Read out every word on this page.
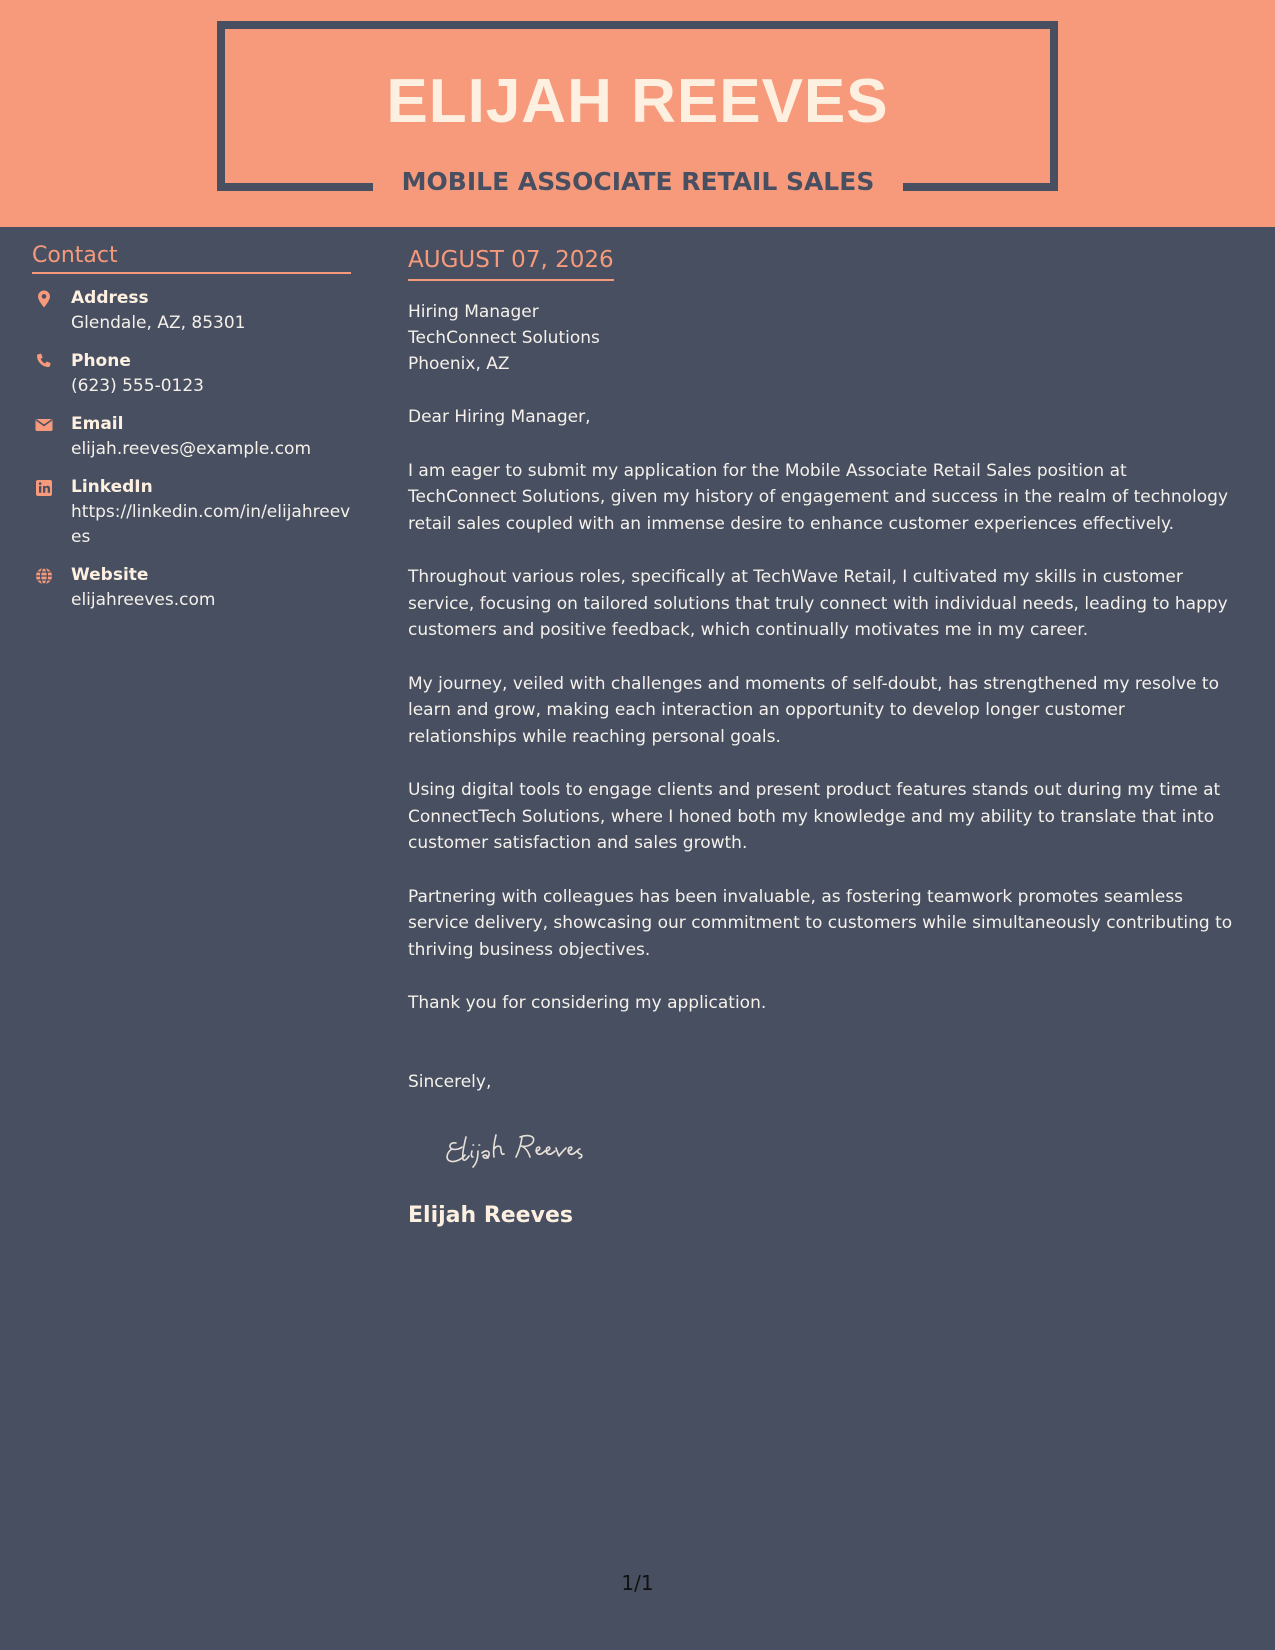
ELIJAH REEVES
MOBILE ASSOCIATE RETAIL SALES
Contact
Address
Glendale, AZ, 85301
Phone
(623) 555-0123
Email
elijah.reeves@example.com
LinkedIn
https://linkedin.com/in/elijahreeves
Website
elijahreeves.com
AUGUST 07, 2026
Hiring Manager
TechConnect Solutions
Phoenix, AZ

Dear Hiring Manager,

I am eager to submit my application for the Mobile Associate Retail Sales position at TechConnect Solutions, given my history of engagement and success in the realm of technology retail sales coupled with an immense desire to enhance customer experiences effectively.

Throughout various roles, specifically at TechWave Retail, I cultivated my skills in customer service, focusing on tailored solutions that truly connect with individual needs, leading to happy customers and positive feedback, which continually motivates me in my career.

My journey, veiled with challenges and moments of self-doubt, has strengthened my resolve to learn and grow, making each interaction an opportunity to develop longer customer relationships while reaching personal goals.

Using digital tools to engage clients and present product features stands out during my time at ConnectTech Solutions, where I honed both my knowledge and my ability to translate that into customer satisfaction and sales growth.

Partnering with colleagues has been invaluable, as fostering teamwork promotes seamless service delivery, showcasing our commitment to customers while simultaneously contributing to thriving business objectives.

Thank you for considering my application.

Sincerely,

Elijah Reeves
1/1
